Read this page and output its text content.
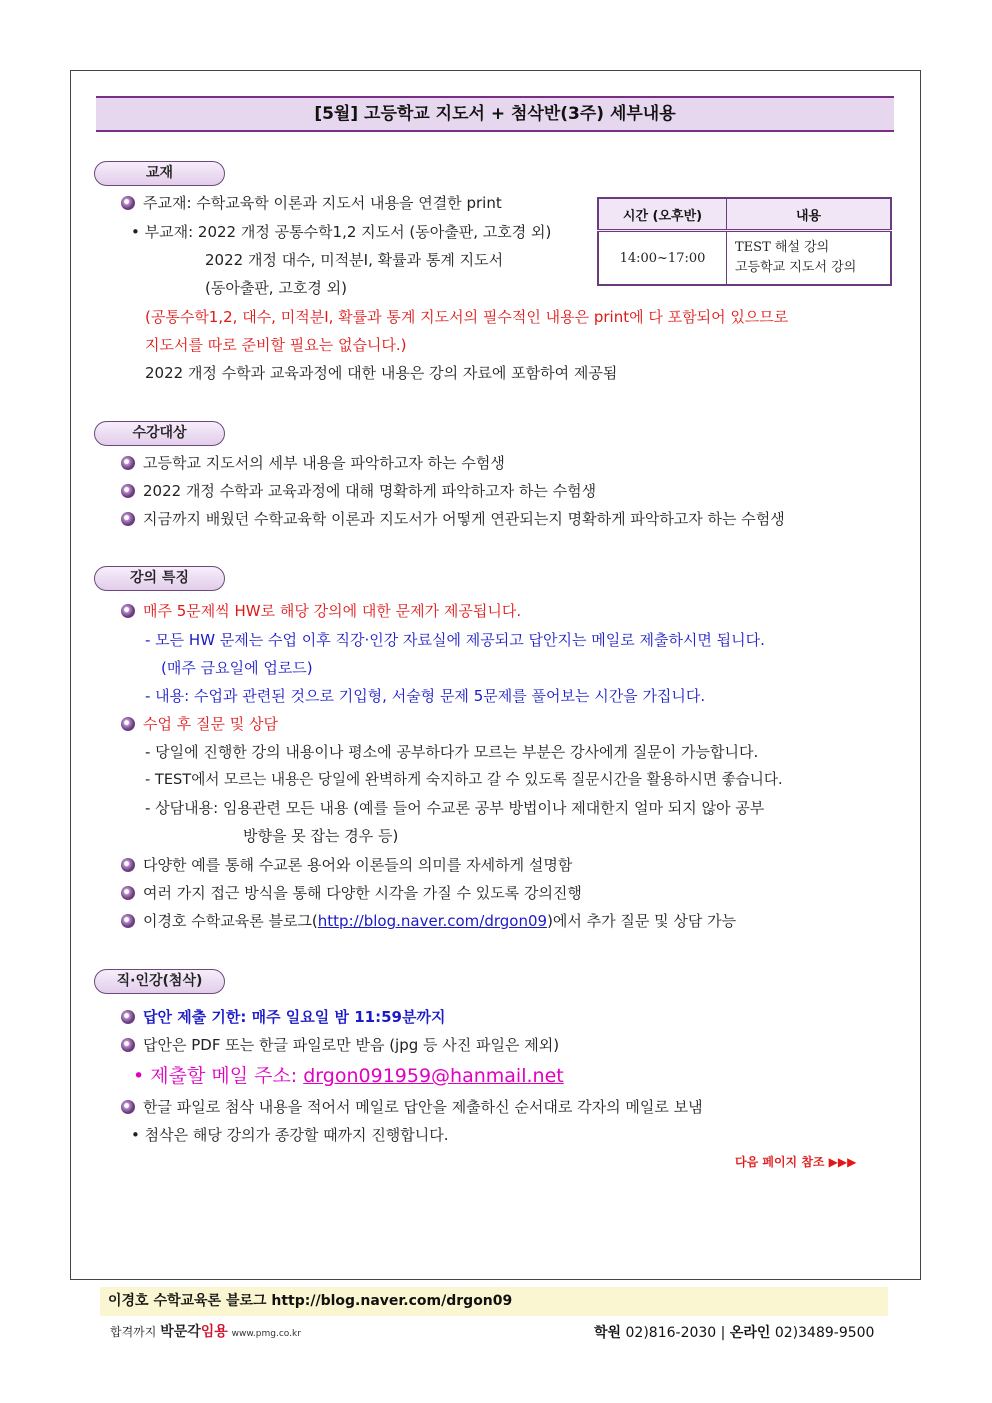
[5월] 고등학교 지도서 + 첨삭반(3주) 세부내용
교재
주교재: 수학교육학 이론과 지도서 내용을 연결한 print
• 부교재: 2022 개정 공통수학1,2 지도서 (동아출판, 고호경 외)
2022 개정 대수, 미적분Ⅰ, 확률과 통계 지도서
(동아출판, 고호경 외)
(공통수학1,2, 대수, 미적분Ⅰ, 확률과 통계 지도서의 필수적인 내용은 print에 다 포함되어 있으므로
지도서를 따로 준비할 필요는 없습니다.)
2022 개정 수학과 교육과정에 대한 내용은 강의 자료에 포함하여 제공됨
시간 (오후반)	내용
14:00~17:00	TEST 해설 강의
고등학교 지도서 강의
수강대상
고등학교 지도서의 세부 내용을 파악하고자 하는 수험생
2022 개정 수학과 교육과정에 대해 명확하게 파악하고자 하는 수험생
지금까지 배웠던 수학교육학 이론과 지도서가 어떻게 연관되는지 명확하게 파악하고자 하는 수험생
강의 특징
매주 5문제씩 HW로 해당 강의에 대한 문제가 제공됩니다.
- 모든 HW 문제는 수업 이후 직강·인강 자료실에 제공되고 답안지는 메일로 제출하시면 됩니다.
(매주 금요일에 업로드)
- 내용: 수업과 관련된 것으로 기입형, 서술형 문제 5문제를 풀어보는 시간을 가집니다.
수업 후 질문 및 상담
- 당일에 진행한 강의 내용이나 평소에 공부하다가 모르는 부분은 강사에게 질문이 가능합니다.
- TEST에서 모르는 내용은 당일에 완벽하게 숙지하고 갈 수 있도록 질문시간을 활용하시면 좋습니다.
- 상담내용: 임용관련 모든 내용 (예를 들어 수교론 공부 방법이나 제대한지 얼마 되지 않아 공부
방향을 못 잡는 경우 등)
다양한 예를 통해 수교론 용어와 이론들의 의미를 자세하게 설명함
여러 가지 접근 방식을 통해 다양한 시각을 가질 수 있도록 강의진행
이경호 수학교육론 블로그(http://blog.naver.com/drgon09)에서 추가 질문 및 상담 가능
직·인강(첨삭)
답안 제출 기한: 매주 일요일 밤 11:59분까지
답안은 PDF 또는 한글 파일로만 받음 (jpg 등 사진 파일은 제외)
• 제출할 메일 주소: drgon091959@hanmail.net
한글 파일로 첨삭 내용을 적어서 메일로 답안을 제출하신 순서대로 각자의 메일로 보냄
• 첨삭은 해당 강의가 종강할 때까지 진행합니다.
다음 페이지 참조 ▶▶▶
이경호 수학교육론 블로그 http://blog.naver.com/drgon09
합격까지 박문각임용 www.pmg.co.kr	학원 02)816-2030 | 온라인 02)3489-9500
